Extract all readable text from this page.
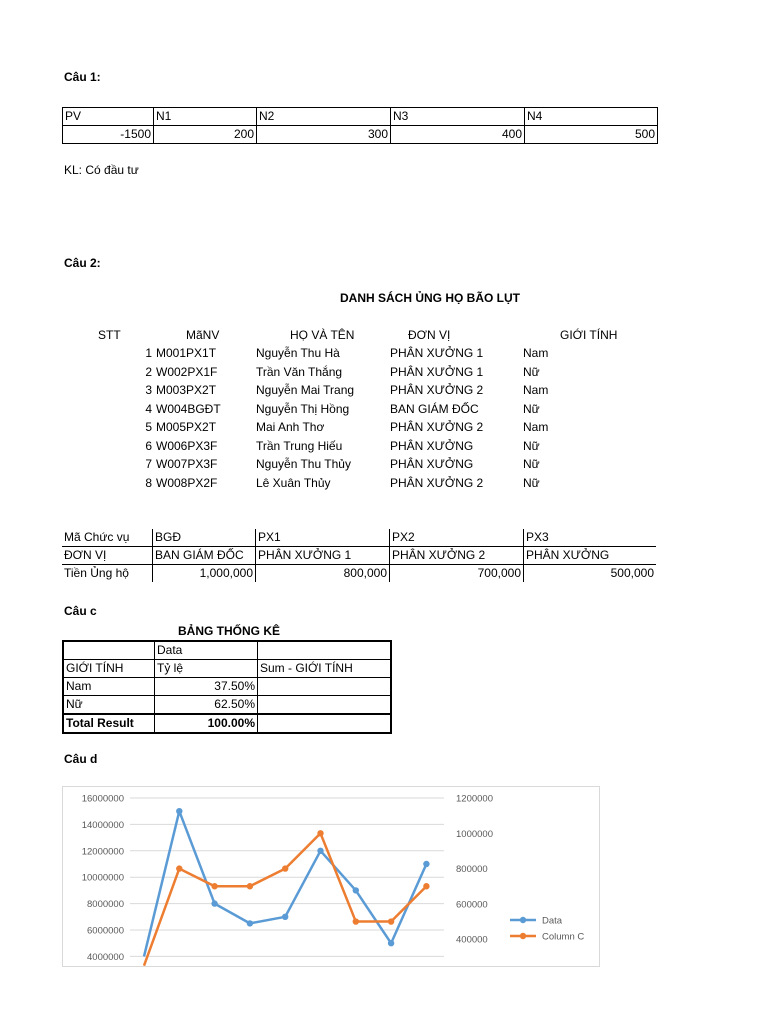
Câu 1:
PV	N1	N2	N3	N4
-1500	200	300	400	500
KL: Có đầu tư
Câu 2:
DANH SÁCH ỦNG HỌ BÃO LỤT
STT	MãNV	HỌ VÀ TÊN	ĐƠN VỊ	GIỚI TÍNH
1 M001PX1T	Nguyễn Thu Hà	PHÂN XƯỞNG 1	Nam
2 W002PX1F	Trần Văn Thắng	PHÂN XƯỞNG 1	Nữ
3 M003PX2T	Nguyễn Mai Trang	PHÂN XƯỞNG 2	Nam
4 W004BGĐT	Nguyễn Thị Hồng	BAN GIÁM ĐỐC	Nữ
5 M005PX2T	Mai Anh Thơ	PHÂN XƯỞNG 2	Nam
6 W006PX3F	Trần Trung Hiếu	PHÂN XƯỞNG	Nữ
7 W007PX3F	Nguyễn Thu Thủy	PHÂN XƯỞNG	Nữ
8 W008PX2F	Lê Xuân Thủy	PHÂN XƯỞNG 2	Nữ
Mã Chức vụ	BGĐ	PX1	PX2	PX3
ĐƠN VỊ	BAN GIÁM ĐỐC	PHÂN XƯỞNG 1	PHÂN XƯỞNG 2	PHÂN XƯỞNG
Tiền Ủng hộ	1,000,000	800,000	700,000	500,000
Câu c
BẢNG THỐNG KÊ
	Data	
GIỚI TÍNH	Tỷ lệ	Sum - GIỚI TÍNH
Nam	37.50%	
Nữ	62.50%	
Total Result	100.00%	
Câu d
16000000
14000000
12000000
10000000
8000000
6000000
4000000
1200000
1000000
800000
600000
400000
Data
Column C
